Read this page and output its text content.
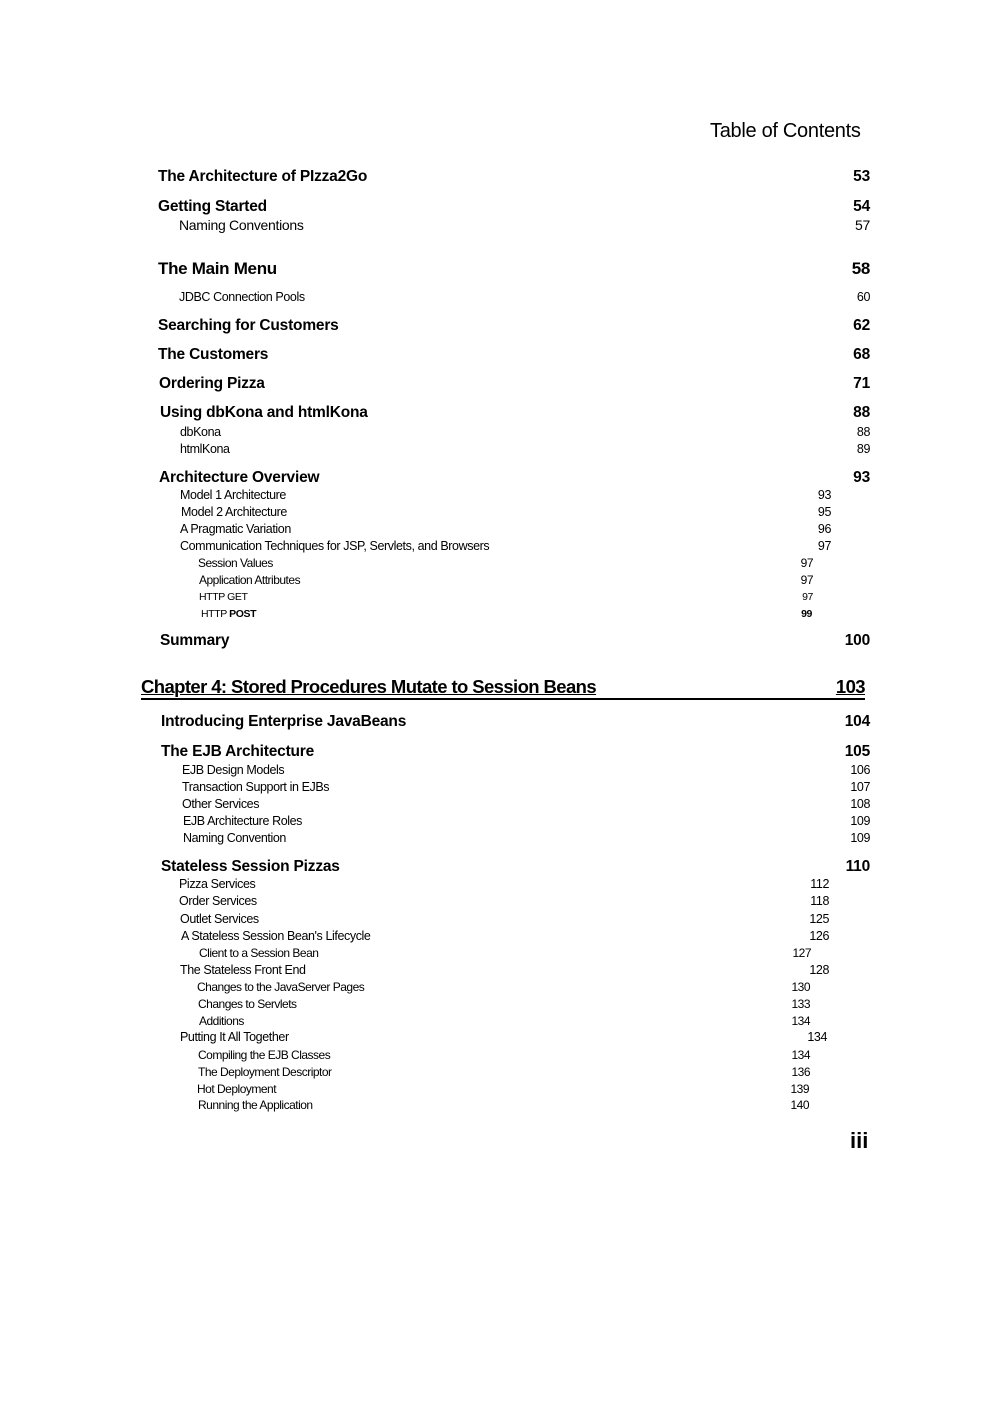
Table of Contents
The Architecture of PIzza2Go	53
Getting Started	54
Naming Conventions	57
The Main Menu	58
JDBC Connection Pools	60
Searching for Customers	62
The Customers	68
Ordering Pizza	71
Using dbKona and htmlKona	88
dbKona	88
htmlKona	89
Architecture Overview	93
Model 1 Architecture	93
Model 2 Architecture	95
A Pragmatic Variation	96
Communication Techniques for JSP, Servlets, and Browsers	97
Session Values	97
Application Attributes	97
HTTP GET	97
HTTP POST	99
Summary	100
Chapter 4: Stored Procedures Mutate to Session Beans	103
Introducing Enterprise JavaBeans	104
The EJB Architecture	105
EJB Design Models	106
Transaction Support in EJBs	107
Other Services	108
EJB Architecture Roles	109
Naming Convention	109
Stateless Session Pizzas	110
Pizza Services	112
Order Services	118
Outlet Services	125
A Stateless Session Bean's Lifecycle	126
Client to a Session Bean	127
The Stateless Front End	128
Changes to the JavaServer Pages	130
Changes to Servlets	133
Additions	134
Putting It All Together	134
Compiling the EJB Classes	134
The Deployment Descriptor	136
Hot Deployment	139
Running the Application	140
iii
